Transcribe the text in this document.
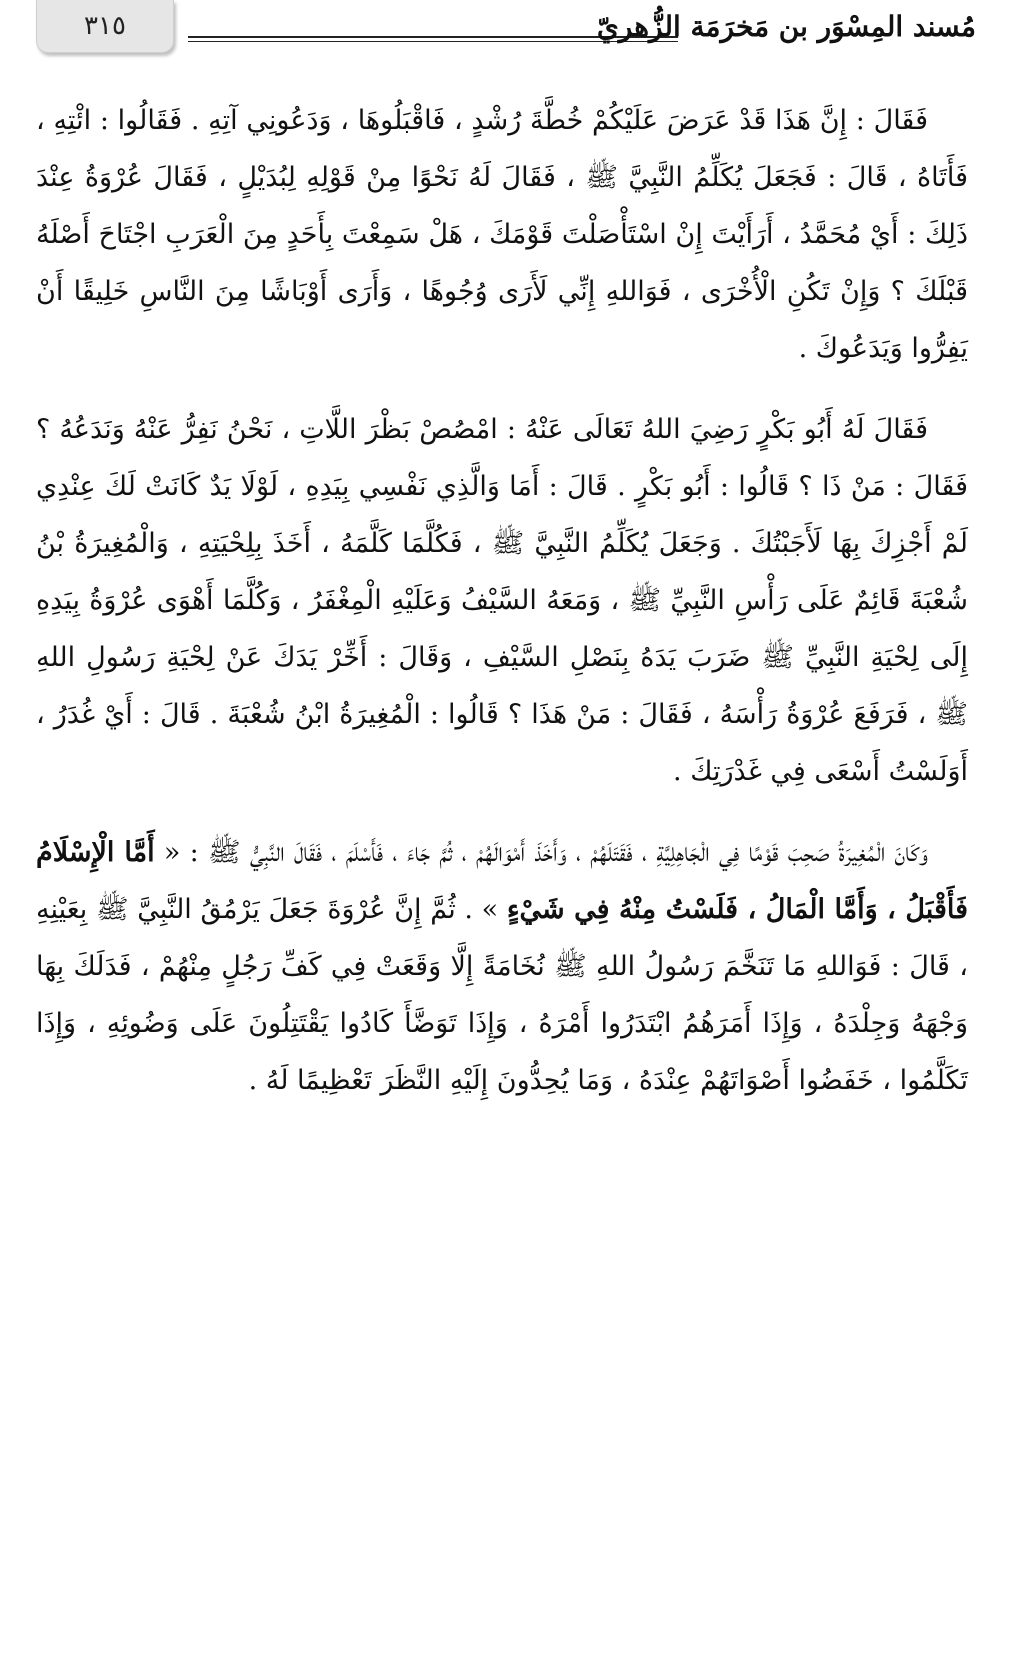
٣١٥	مُسند المِسْوَر بن مَخرَمَة الزُّهريّ

فَقَالَ : إِنَّ هَذَا قَدْ عَرَضَ عَلَيْكُمْ خُطَّةَ رُشْدٍ ، فَاقْبَلُوهَا ، وَدَعُونِي آتِهِ . فَقَالُوا : ائْتِهِ ، فَأَتَاهُ ، قَالَ : فَجَعَلَ يُكَلِّمُ النَّبِيَّ ﷺ ، فَقَالَ لَهُ نَحْوًا مِنْ قَوْلِهِ لِبُدَيْلٍ ، فَقَالَ عُرْوَةُ عِنْدَ ذَلِكَ : أَيْ مُحَمَّدُ ، أَرَأَيْتَ إِنْ اسْتَأْصَلْتَ قَوْمَكَ ، هَلْ سَمِعْتَ بِأَحَدٍ مِنَ الْعَرَبِ اجْتَاحَ أَصْلَهُ قَبْلَكَ ؟ وَإِنْ تَكُنِ الْأُخْرَى ، فَوَاللهِ إِنِّي لَأَرَى وُجُوهًا ، وَأَرَى أَوْبَاشًا مِنَ النَّاسِ خَلِيقًا أَنْ يَفِرُّوا وَيَدَعُوكَ .

فَقَالَ لَهُ أَبُو بَكْرٍ رَضِيَ اللهُ تَعَالَى عَنْهُ : امْصُصْ بَظْرَ اللَّاتِ ، نَحْنُ نَفِرُّ عَنْهُ وَنَدَعُهُ ؟ فَقَالَ : مَنْ ذَا ؟ قَالُوا : أَبُو بَكْرٍ . قَالَ : أَمَا وَالَّذِي نَفْسِي بِيَدِهِ ، لَوْلَا يَدٌ كَانَتْ لَكَ عِنْدِي لَمْ أَجْزِكَ بِهَا لَأَجَبْتُكَ . وَجَعَلَ يُكَلِّمُ النَّبِيَّ ﷺ ، فَكُلَّمَا كَلَّمَهُ ، أَخَذَ بِلِحْيَتِهِ ، وَالْمُغِيرَةُ بْنُ شُعْبَةَ قَائِمٌ عَلَى رَأْسِ النَّبِيِّ ﷺ ، وَمَعَهُ السَّيْفُ وَعَلَيْهِ الْمِغْفَرُ ، وَكُلَّمَا أَهْوَى عُرْوَةُ بِيَدِهِ إِلَى لِحْيَةِ النَّبِيِّ ﷺ ضَرَبَ يَدَهُ بِنَصْلِ السَّيْفِ ، وَقَالَ : أَخِّرْ يَدَكَ عَنْ لِحْيَةِ رَسُولِ اللهِ ﷺ ، فَرَفَعَ عُرْوَةُ رَأْسَهُ ، فَقَالَ : مَنْ هَذَا ؟ قَالُوا : الْمُغِيرَةُ ابْنُ شُعْبَةَ . قَالَ : أَيْ غُدَرُ ، أَوَلَسْتُ أَسْعَى فِي غَدْرَتِكَ .

وَكَانَ الْمُغِيرَةُ صَحِبَ قَوْمًا فِي الْجَاهِلِيَّةِ ، فَقَتَلَهُمْ ، وَأَخَذَ أَمْوَالَهُمْ ، ثُمَّ جَاءَ ، فَأَسْلَمَ ، فَقَالَ النَّبِيُّ ﷺ : « أَمَّا الْإِسْلَامُ فَأَقْبَلُ ، وَأَمَّا الْمَالُ ، فَلَسْتُ مِنْهُ فِي شَيْءٍ » . ثُمَّ إِنَّ عُرْوَةَ جَعَلَ يَرْمُقُ النَّبِيَّ ﷺ بِعَيْنِهِ ، قَالَ : فَوَاللهِ مَا تَنَخَّمَ رَسُولُ اللهِ ﷺ نُخَامَةً إِلَّا وَقَعَتْ فِي كَفِّ رَجُلٍ مِنْهُمْ ، فَدَلَكَ بِهَا وَجْهَهُ وَجِلْدَهُ ، وَإِذَا أَمَرَهُمُ ابْتَدَرُوا أَمْرَهُ ، وَإِذَا تَوَضَّأَ كَادُوا يَقْتَتِلُونَ عَلَى وَضُوئِهِ ، وَإِذَا تَكَلَّمُوا ، خَفَضُوا أَصْوَاتَهُمْ عِنْدَهُ ، وَمَا يُحِدُّونَ إِلَيْهِ النَّظَرَ تَعْظِيمًا لَهُ .
